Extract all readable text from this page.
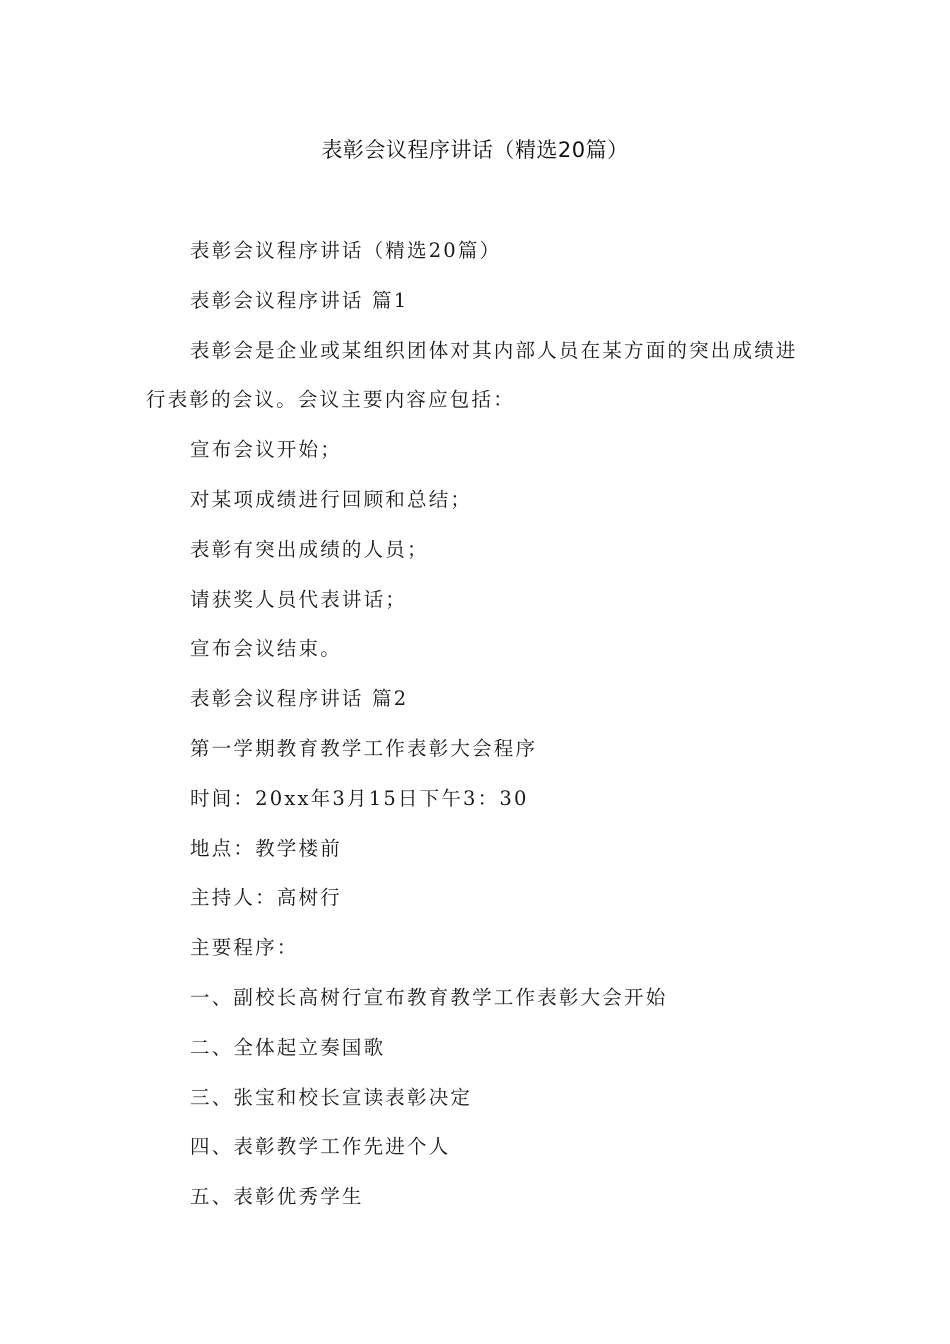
表彰会议程序讲话（精选20篇）

表彰会议程序讲话（精选20篇）

表彰会议程序讲话 篇1

表彰会是企业或某组织团体对其内部人员在某方面的突出成绩进行表彰的会议。会议主要内容应包括：

宣布会议开始；

对某项成绩进行回顾和总结；

表彰有突出成绩的人员；

请获奖人员代表讲话；

宣布会议结束。

表彰会议程序讲话 篇2

第一学期教育教学工作表彰大会程序

时间：20xx年3月15日下午3：30

地点：教学楼前

主持人：高树行

主要程序：

一、副校长高树行宣布教育教学工作表彰大会开始

二、全体起立奏国歌

三、张宝和校长宣读表彰决定

四、表彰教学工作先进个人

五、表彰优秀学生
